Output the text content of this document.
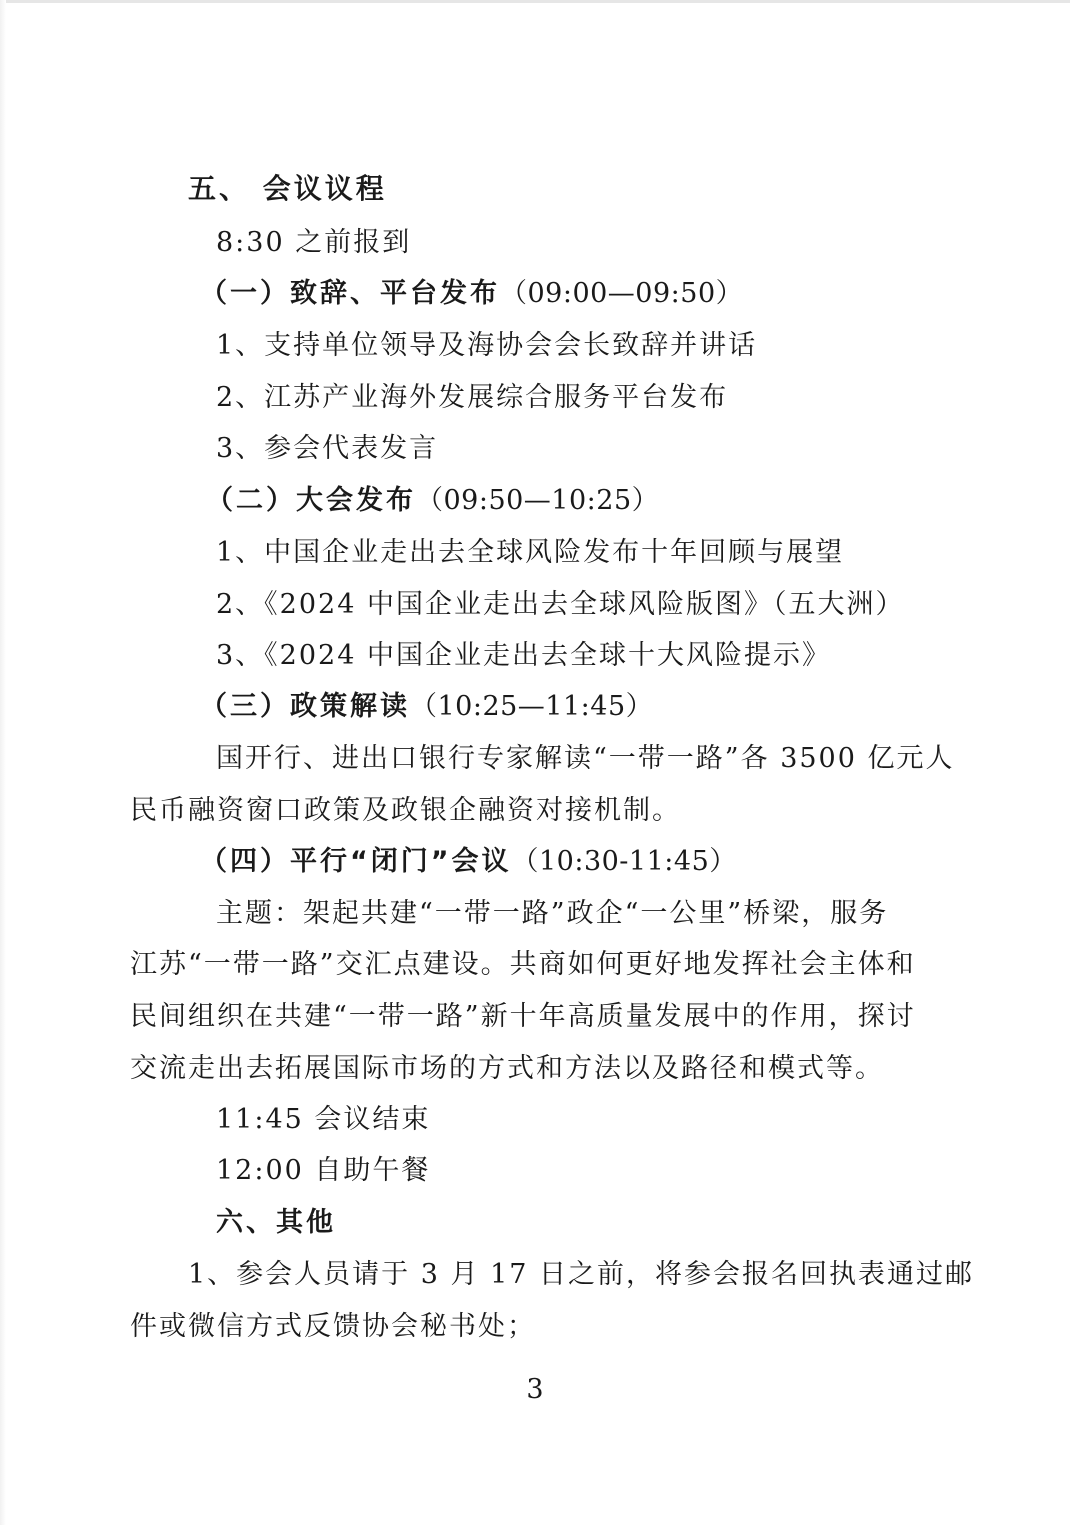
五、 会议议程
8:30 之前报到
（一）致辞、平台发布（09:00—09:50）
1、支持单位领导及海协会会长致辞并讲话
2、江苏产业海外发展综合服务平台发布
3、参会代表发言
（二）大会发布（09:50—10:25）
1、中国企业走出去全球风险发布十年回顾与展望
2、《2024 中国企业走出去全球风险版图》（五大洲）
3、《2024 中国企业走出去全球十大风险提示》
（三）政策解读（10:25—11:45）
国开行、进出口银行专家解读“一带一路”各 3500 亿元人
民币融资窗口政策及政银企融资对接机制。
（四）平行“闭门”会议（10:30-11:45）
主题：架起共建“一带一路”政企“一公里”桥梁，服务
江苏“一带一路”交汇点建设。共商如何更好地发挥社会主体和
民间组织在共建“一带一路”新十年高质量发展中的作用，探讨
交流走出去拓展国际市场的方式和方法以及路径和模式等。
11:45 会议结束
12:00 自助午餐
六、其他
1、参会人员请于 3 月 17 日之前，将参会报名回执表通过邮
件或微信方式反馈协会秘书处；
3
